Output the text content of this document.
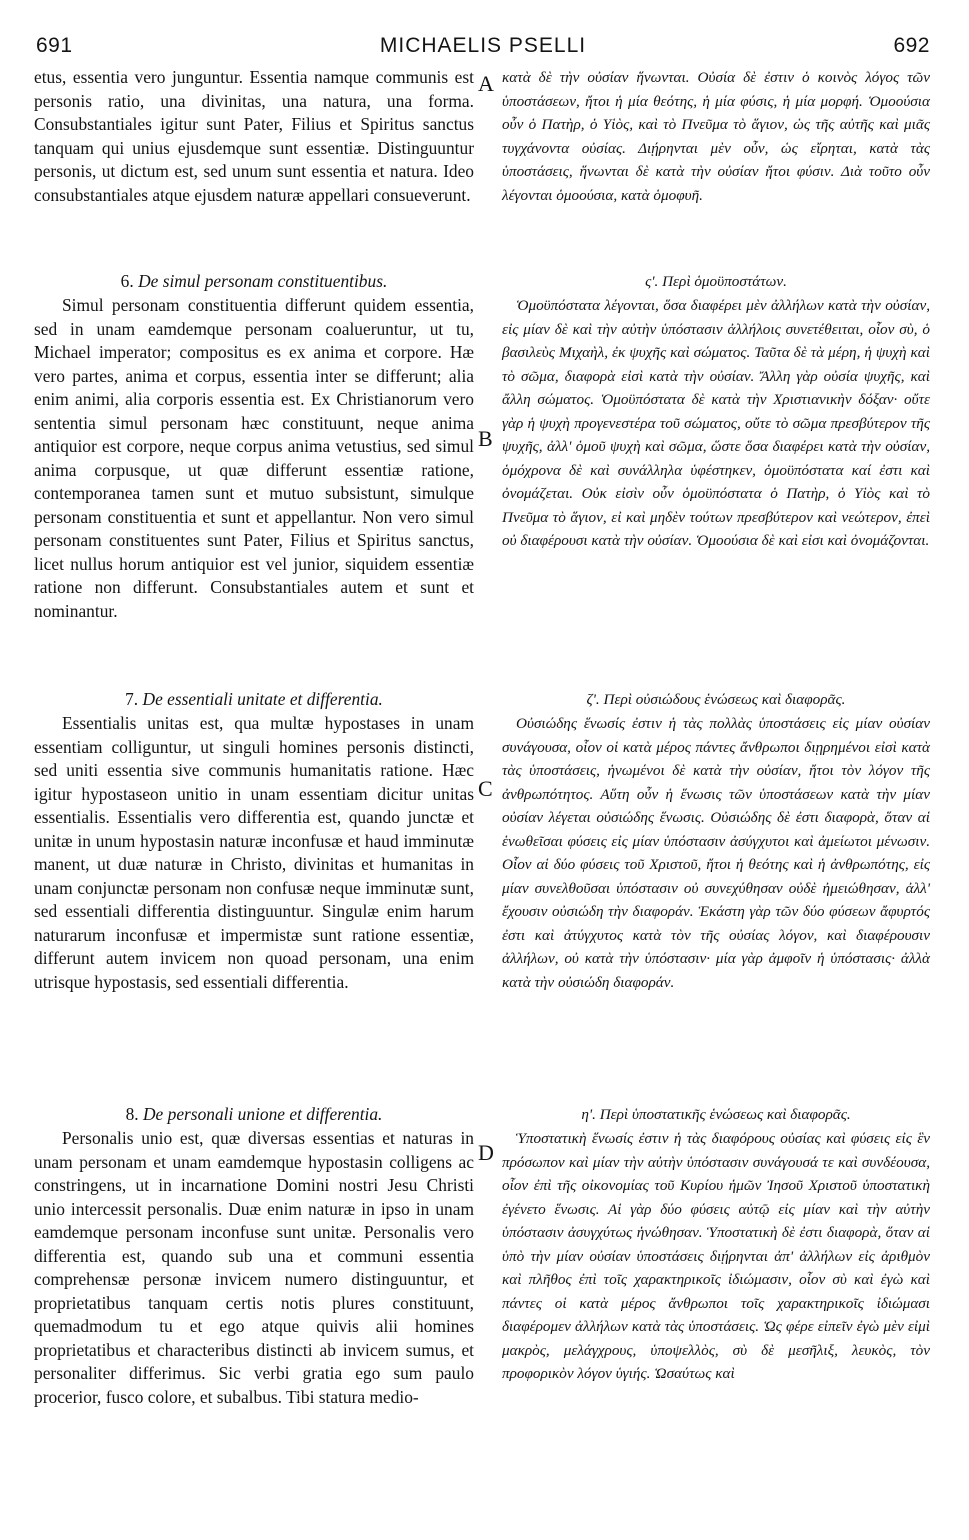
691	MICHAELIS PSELLI	692
A
B
C
D

etus, essentia vero junguntur. Essentia namque communis est personis ratio, una divinitas, una natura, una forma. Consubstantiales igitur sunt Pater, Filius et Spiritus sanctus tanquam qui unius ejusdemque sunt essentiæ. Distinguuntur personis, ut dictum est, sed unum sunt essentia et natura. Ideo consubstantiales atque ejusdem naturæ appellari consueverunt.

6. De simul personam constituentibus.

Simul personam constituentia differunt quidem essentia, sed in unam eamdemque personam coalueruntur, ut tu, Michael imperator; compositus es ex anima et corpore. Hæ vero partes, anima et corpus, essentia inter se differunt; alia enim animi, alia corporis essentia est. Ex Christianorum vero sententia simul personam hæc constituunt, neque anima antiquior est corpore, neque corpus anima vetustius, sed simul anima corpusque, ut quæ differunt essentiæ ratione, contemporanea tamen sunt et mutuo subsistunt, simulque personam constituentia et sunt et appellantur. Non vero simul personam constituentes sunt Pater, Filius et Spiritus sanctus, licet nullus horum antiquior est vel junior, siquidem essentiæ ratione non differunt. Consubstantiales autem et sunt et nominantur.

7. De essentiali unitate et differentia.

Essentialis unitas est, qua multæ hypostases in unam essentiam colliguntur, ut singuli homines personis distincti, sed uniti essentia sive communis humanitatis ratione. Hæc igitur hypostaseon unitio in unam essentiam dicitur unitas essentialis. Essentialis vero differentia est, quando junctæ et unitæ in unum hypostasin naturæ inconfusæ et haud imminutæ manent, ut duæ naturæ in Christo, divinitas et humanitas in unam conjunctæ personam non confusæ neque imminutæ sunt, sed essentiali differentia distinguuntur. Singulæ enim harum naturarum inconfusæ et impermistæ sunt ratione essentiæ, differunt autem invicem non quoad personam, una enim utrisque hypostasis, sed essentiali differentia.

8. De personali unione et differentia.

Personalis unio est, quæ diversas essentias et naturas in unam personam et unam eamdemque hypostasin colligens ac constringens, ut in incarnatione Domini nostri Jesu Christi unio intercessit personalis. Duæ enim naturæ in ipso in unam eamdemque personam inconfuse sunt unitæ. Personalis vero differentia est, quando sub una et communi essentia comprehensæ personæ invicem numero distinguuntur, et proprietatibus tanquam certis notis plures constituunt, quemadmodum tu et ego atque quivis alii homines proprietatibus et characteribus distincti ab invicem sumus, et personaliter differimus. Sic verbi gratia ego sum paulo procerior, fusco colore, et subalbus. Tibi statura medio-

κατὰ δὲ τὴν οὐσίαν ἥνωνται. Οὐσία δὲ ἐστιν ὁ κοινὸς λόγος τῶν ὑποστάσεων, ἤτοι ἡ μία θεότης, ἡ μία φύσις, ἡ μία μορφή. Ὁμοούσια οὖν ὁ Πατὴρ, ὁ Υἱὸς, καὶ τὸ Πνεῦμα τὸ ἅγιον, ὡς τῆς αὐτῆς καὶ μιᾶς τυγχάνοντα οὐσίας. Διῄρηνται μὲν οὖν, ὡς εἴρηται, κατὰ τὰς ὑποστάσεις, ἥνωνται δὲ κατὰ τὴν οὐσίαν ἤτοι φύσιν. Διὰ τοῦτο οὖν λέγονται ὁμοούσια, κατὰ ὁμοφυῆ.

ς'. Περὶ ὁμοϋποστάτων.

Ὁμοϋπόστατα λέγονται, ὅσα διαφέρει μὲν ἀλλήλων κατὰ τὴν οὐσίαν, εἰς μίαν δὲ καὶ τὴν αὐτὴν ὑπόστασιν ἀλλήλοις συνετέθειται, οἷον σὺ, ὁ βασιλεὺς Μιχαὴλ, ἐκ ψυχῆς καὶ σώματος. Ταῦτα δὲ τὰ μέρη, ἡ ψυχὴ καὶ τὸ σῶμα, διαφορὰ εἰσὶ κατὰ τὴν οὐσίαν. Ἄλλη γὰρ οὐσία ψυχῆς, καὶ ἄλλη σώματος. Ὁμοϋπόστατα δὲ κατὰ τὴν Χριστιανικὴν δόξαν· οὔτε γὰρ ἡ ψυχὴ προγενεστέρα τοῦ σώματος, οὔτε τὸ σῶμα πρεσβύτερον τῆς ψυχῆς, ἀλλ' ὁμοῦ ψυχὴ καὶ σῶμα, ὥστε ὅσα διαφέρει κατὰ τὴν οὐσίαν, ὁμόχρονα δὲ καὶ συνάλληλα ὑφέστηκεν, ὁμοϋπόστατα καί ἐστι καὶ ὀνομάζεται. Οὐκ εἰσὶν οὖν ὁμοϋπόστατα ὁ Πατὴρ, ὁ Υἱὸς καὶ τὸ Πνεῦμα τὸ ἅγιον, εἰ καὶ μηδὲν τούτων πρεσβύτερον καὶ νεώτερον, ἐπεὶ οὐ διαφέρουσι κατὰ τὴν οὐσίαν. Ὁμοούσια δὲ καὶ εἰσι καὶ ὀνομάζονται.

ζ'. Περὶ οὐσιώδους ἑνώσεως καὶ διαφορᾶς.

Οὐσιώδης ἕνωσίς ἐστιν ἡ τὰς πολλὰς ὑποστάσεις εἰς μίαν οὐσίαν συνάγουσα, οἷον οἱ κατὰ μέρος πάντες ἄνθρωποι διῃρημένοι εἰσὶ κατὰ τὰς ὑποστάσεις, ἡνωμένοι δὲ κατὰ τὴν οὐσίαν, ἤτοι τὸν λόγον τῆς ἀνθρωπότητος. Αὕτη οὖν ἡ ἕνωσις τῶν ὑποστάσεων κατὰ τὴν μίαν οὐσίαν λέγεται οὐσιώδης ἕνωσις. Οὐσιώδης δὲ ἐστι διαφορὰ, ὅταν αἱ ἑνωθεῖσαι φύσεις εἰς μίαν ὑπόστασιν ἀσύγχυτοι καὶ ἀμείωτοι μένωσιν. Οἷον αἱ δύο φύσεις τοῦ Χριστοῦ, ἤτοι ἡ θεότης καὶ ἡ ἀνθρωπότης, εἰς μίαν συνελθοῦσαι ὑπόστασιν οὐ συνεχύθησαν οὐδὲ ἠμειώθησαν, ἀλλ' ἔχουσιν οὐσιώδη τὴν διαφοράν. Ἑκάστη γὰρ τῶν δύο φύσεων ἄφυρτός ἐστι καὶ ἀτύγχυτος κατὰ τὸν τῆς οὐσίας λόγον, καὶ διαφέρουσιν ἀλλήλων, οὐ κατὰ τὴν ὑπόστασιν· μία γὰρ ἀμφοῖν ἡ ὑπόστασις· ἀλλὰ κατὰ τὴν οὐσιώδη διαφοράν.

η'. Περὶ ὑποστατικῆς ἑνώσεως καὶ διαφορᾶς.

Ὑποστατικὴ ἕνωσίς ἐστιν ἡ τὰς διαφόρους οὐσίας καὶ φύσεις εἰς ἓν πρόσωπον καὶ μίαν τὴν αὐτὴν ὑπόστασιν συνάγουσά τε καὶ συνδέουσα, οἷον ἐπὶ τῆς οἰκονομίας τοῦ Κυρίου ἡμῶν Ἰησοῦ Χριστοῦ ὑποστατικὴ ἐγένετο ἕνωσις. Αἱ γὰρ δύο φύσεις αὐτῷ εἰς μίαν καὶ τὴν αὐτὴν ὑπόστασιν ἀσυγχύτως ἡνώθησαν. Ὑποστατικὴ δὲ ἐστι διαφορὰ, ὅταν αἱ ὑπὸ τὴν μίαν οὐσίαν ὑποστάσεις διῄρηνται ἀπ' ἀλλήλων εἰς ἀριθμὸν καὶ πλῆθος ἐπὶ τοῖς χαρακτηρικοῖς ἰδιώμασιν, οἷον σὺ καὶ ἐγὼ καὶ πάντες οἱ κατὰ μέρος ἄνθρωποι τοῖς χαρακτηρικοῖς ἰδιώμασι διαφέρομεν ἀλλήλων κατὰ τὰς ὑποστάσεις. Ὡς φέρε εἰπεῖν ἐγὼ μὲν εἰμὶ μακρὸς, μελάγχρους, ὑποψελλὸς, σὺ δὲ μεσῆλιξ, λευκὸς, τὸν προφορικὸν λόγον ὑγιής. Ὡσαύτως καὶ
